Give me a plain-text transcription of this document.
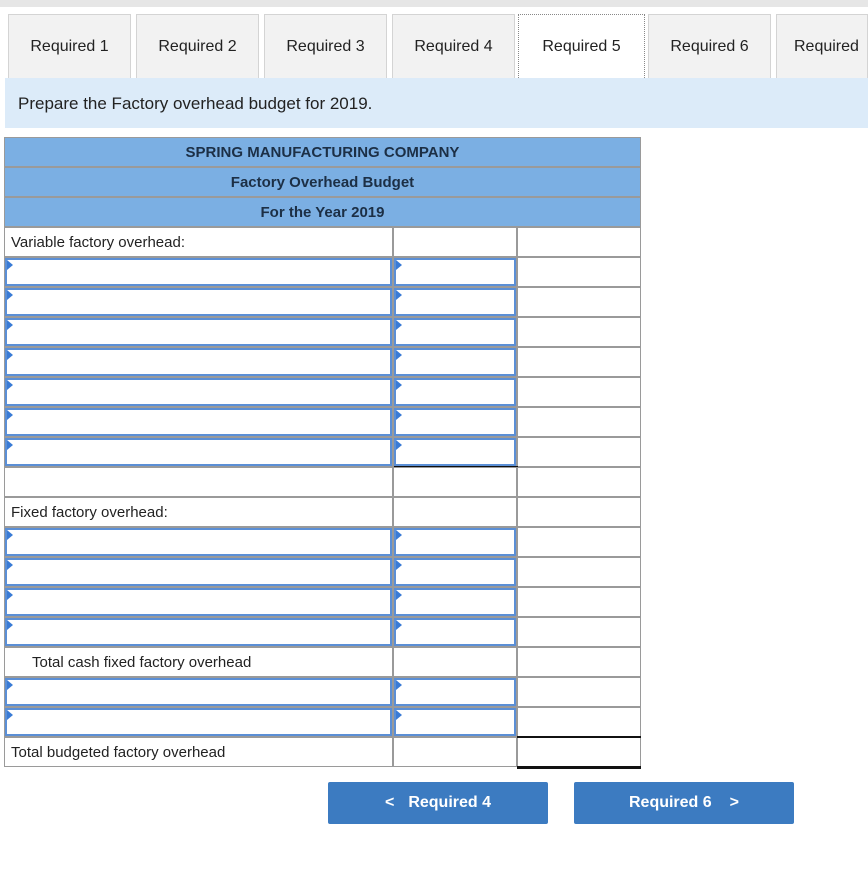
Required 1	Required 2	Required 3	Required 4	Required 5	Required 6	Required
Prepare the Factory overhead budget for 2019.
SPRING MANUFACTURING COMPANY
Factory Overhead Budget
For the Year 2019
Variable factory overhead:
Fixed factory overhead:
Total cash fixed factory overhead
Total budgeted factory overhead
< Required 4	Required 6 >
